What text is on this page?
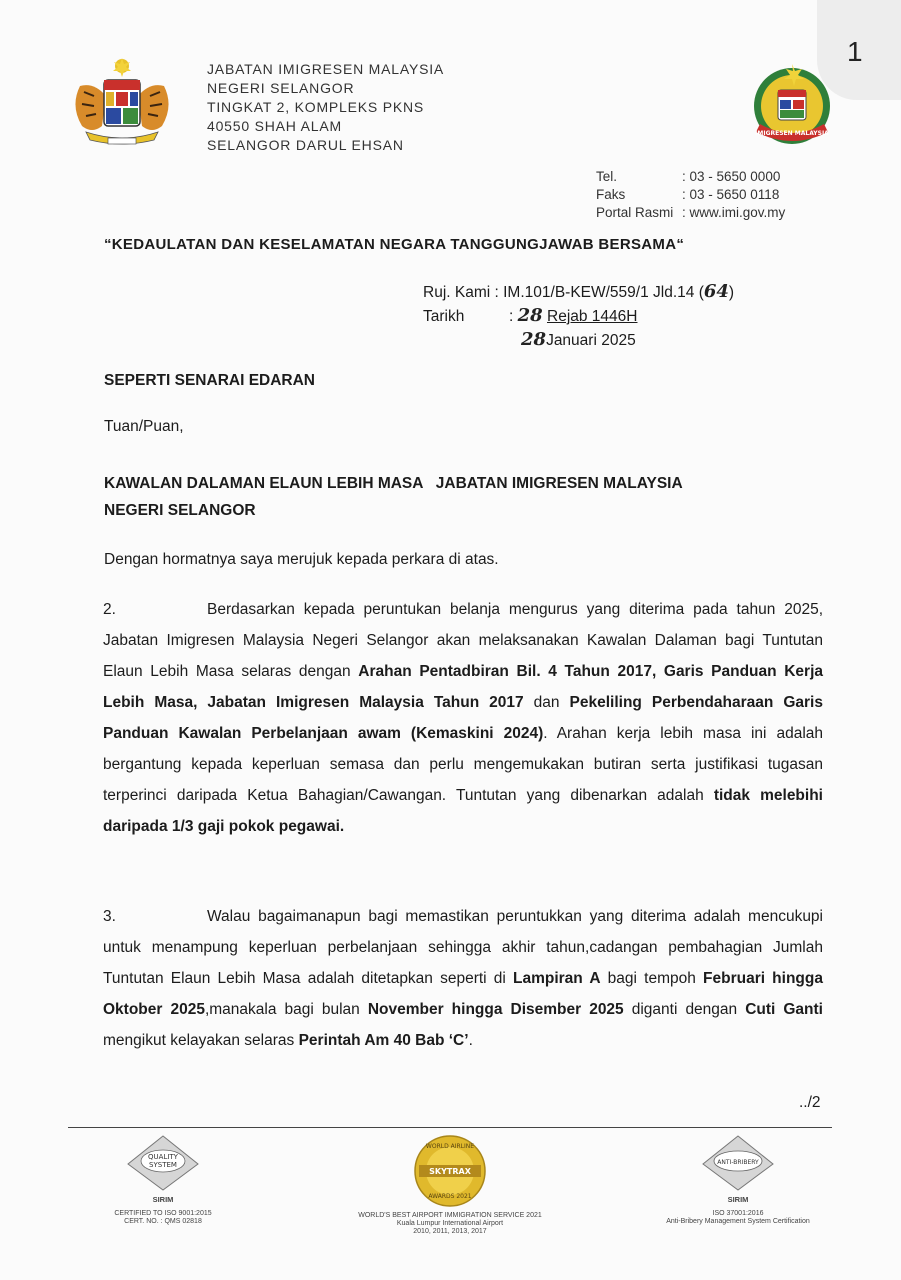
1
JABATAN IMIGRESEN MALAYSIA
NEGERI SELANGOR
TINGKAT 2, KOMPLEKS PKNS
40550 SHAH ALAM
SELANGOR DARUL EHSAN
IMIGRESEN MALAYSIA
Tel.	: 03 - 5650 0000
Faks	: 03 - 5650 0118
Portal Rasmi : www.imi.gov.my
“KEDAULATAN DAN KESELAMATAN NEGARA TANGGUNGJAWAB BERSAMA“
Ruj. Kami :
IM.101/B-KEW/559/1 Jld.14 ( 64 )
Tarikh	:
28
Rejab 1446H
28 Januari 2025
SEPERTI SENARAI EDARAN
Tuan/Puan,
KAWALAN DALAMAN ELAUN LEBIH MASA   JABATAN IMIGRESEN MALAYSIA
NEGERI SELANGOR
Dengan hormatnya saya merujuk kepada perkara di atas.
2.	Berdasarkan kepada peruntukan belanja mengurus yang diterima pada tahun 2025, Jabatan Imigresen Malaysia Negeri Selangor akan melaksanakan Kawalan Dalaman bagi Tuntutan Elaun Lebih Masa selaras dengan Arahan Pentadbiran Bil. 4 Tahun 2017, Garis Panduan Kerja Lebih Masa, Jabatan Imigresen Malaysia Tahun 2017 dan Pekeliling Perbendaharaan Garis Panduan Kawalan Perbelanjaan awam (Kemaskini 2024). Arahan kerja lebih masa ini adalah bergantung kepada keperluan semasa dan perlu mengemukakan butiran serta justifikasi tugasan terperinci daripada Ketua Bahagian/Cawangan. Tuntutan yang dibenarkan adalah tidak melebihi daripada 1/3 gaji pokok pegawai.
3.	Walau bagaimanapun bagi memastikan peruntukkan yang diterima adalah mencukupi untuk menampung keperluan perbelanjaan sehingga akhir tahun,cadangan pembahagian Jumlah Tuntutan Elaun Lebih Masa adalah ditetapkan seperti di Lampiran A bagi tempoh Februari hingga Oktober 2025,manakala bagi bulan November hingga Disember 2025 diganti dengan Cuti Ganti mengikut kelayakan selaras Perintah Am 40 Bab ‘C’.
../2
QUALITY
SYSTEM
SIRIM
CERTIFIED TO ISO 9001:2015
CERT. NO. : QMS 02818
SKYTRAX
WORLD AIRLINE
AWARDS 2021
WORLD'S BEST AIRPORT IMMIGRATION SERVICE 2021
Kuala Lumpur International Airport
2010, 2011, 2013, 2017
ANTI-BRIBERY
SIRIM
ISO 37001:2016
Anti-Bribery Management System Certification
